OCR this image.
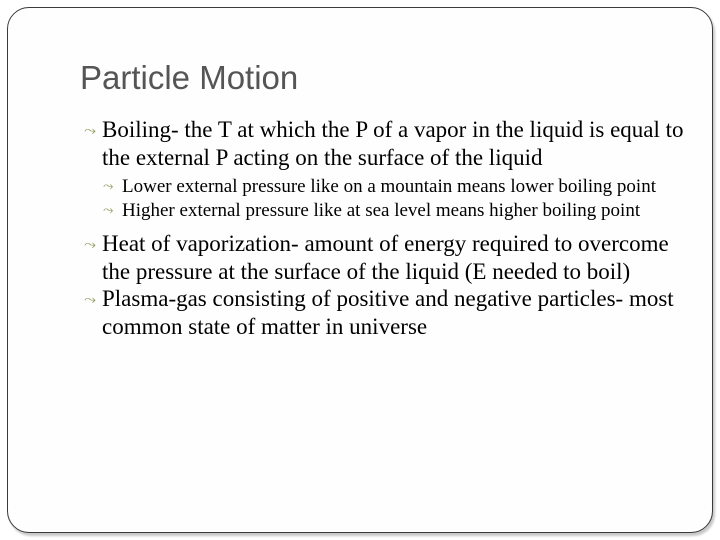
Particle Motion
⤳ Boiling- the T at which the P of a vapor in the liquid is equal to the external P acting on the surface of the liquid
⤳ Lower external pressure like on a mountain means lower boiling point
⤳ Higher external pressure like at sea level means higher boiling point
⤳ Heat of vaporization- amount of energy required to overcome the pressure at the surface of the liquid (E needed to boil)
⤳ Plasma-gas consisting of positive and negative particles- most common state of matter in universe
